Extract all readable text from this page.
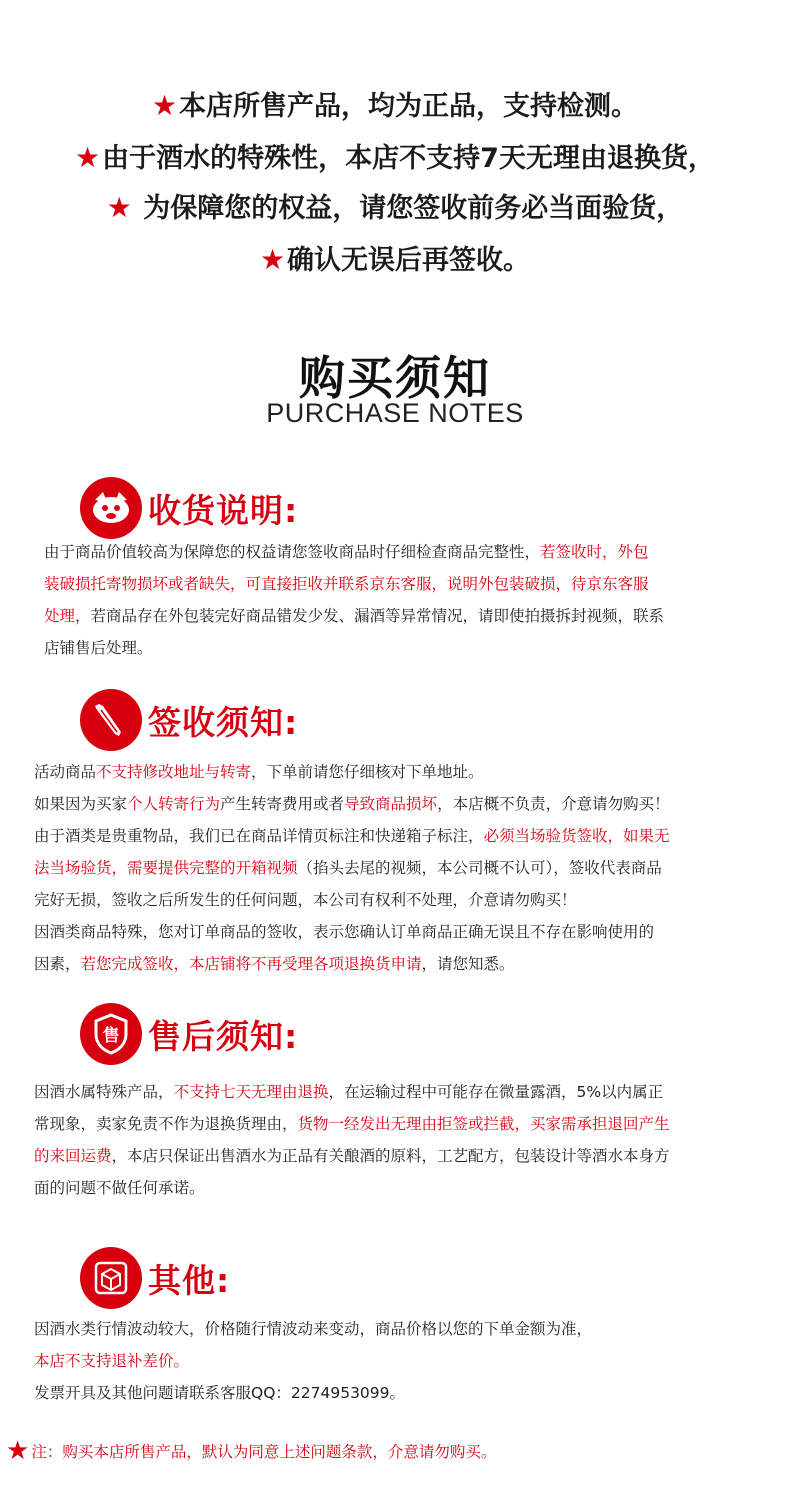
★本店所售产品，均为正品，支持检测。
★由于酒水的特殊性，本店不支持7天无理由退换货，
★ 为保障您的权益，请您签收前务必当面验货，
★确认无误后再签收。
购买须知
PURCHASE NOTES
收货说明:
由于商品价值较高为保障您的权益请您签收商品时仔细检查商品完整性，若签收时，外包
装破损托寄物损坏或者缺失，可直接拒收并联系京东客服，说明外包装破损，待京东客服
处理，若商品存在外包装完好商品错发少发、漏酒等异常情况，请即使拍摄拆封视频，联系
店铺售后处理。
签收须知:
活动商品不支持修改地址与转寄，下单前请您仔细核对下单地址。
如果因为买家个人转寄行为产生转寄费用或者导致商品损坏，本店概不负责，介意请勿购买！
由于酒类是贵重物品，我们已在商品详情页标注和快递箱子标注，必须当场验货签收，如果无
法当场验货，需要提供完整的开箱视频（掐头去尾的视频，本公司概不认可），签收代表商品
完好无损，签收之后所发生的任何问题，本公司有权利不处理，介意请勿购买！
因酒类商品特殊，您对订单商品的签收，表示您确认订单商品正确无误且不存在影响使用的
因素，若您完成签收，本店铺将不再受理各项退换货申请，请您知悉。
售 售后须知:
因酒水属特殊产品，不支持七天无理由退换，在运输过程中可能存在微量露酒，5%以内属正
常现象，卖家免责不作为退换货理由，货物一经发出无理由拒签或拦截，买家需承担退回产生
的来回运费，本店只保证出售酒水为正品有关酿酒的原料，工艺配方，包装设计等酒水本身方
面的问题不做任何承诺。
其他:
因酒水类行情波动较大，价格随行情波动来变动，商品价格以您的下单金额为准，
本店不支持退补差价。
发票开具及其他问题请联系客服QQ：2274953099。
★ 注：购买本店所售产品，默认为同意上述问题条款，介意请勿购买。
